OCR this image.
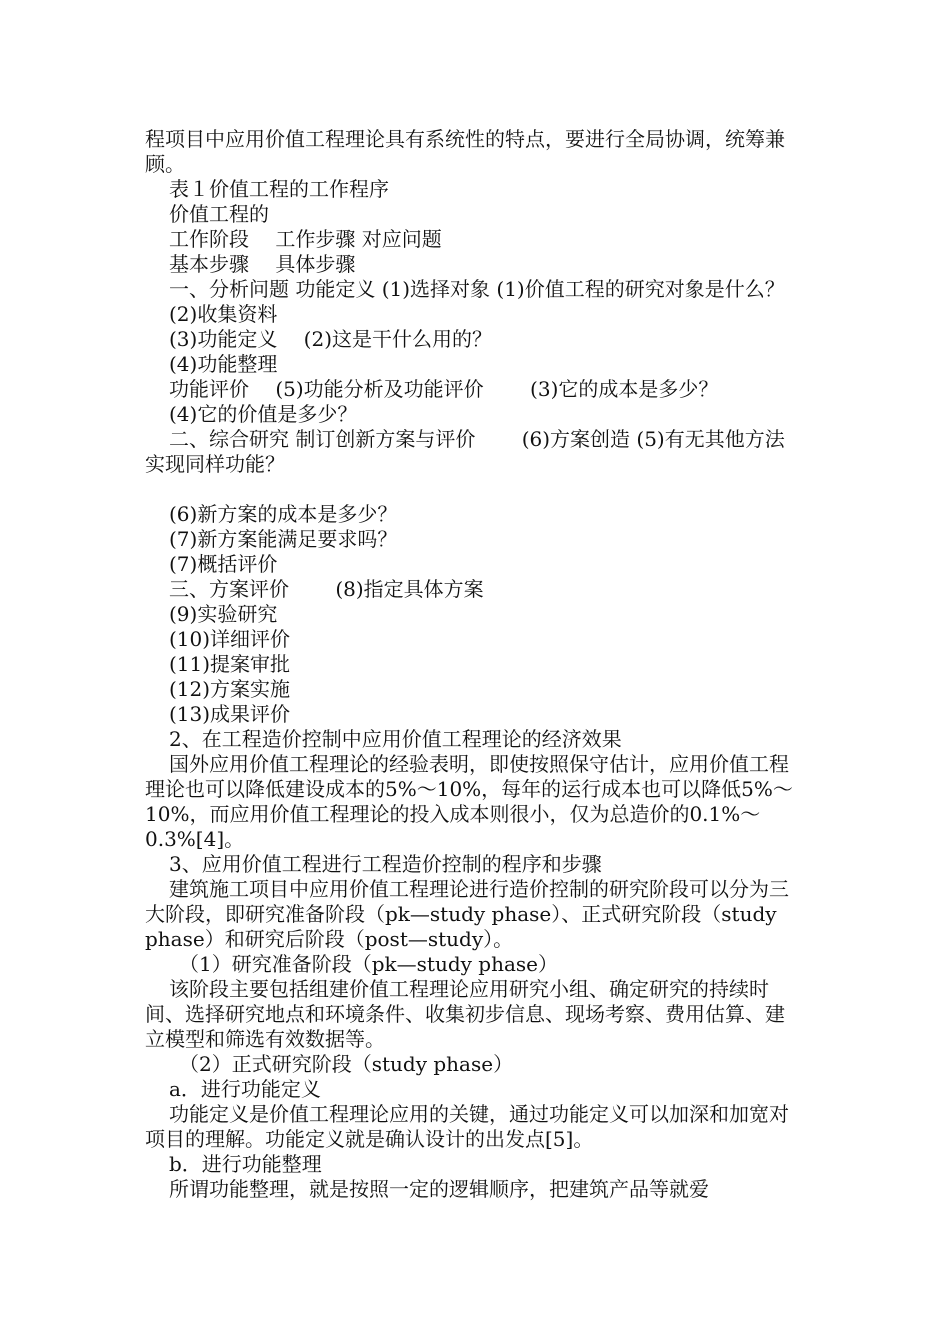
程项目中应用价值工程理论具有系统性的特点，要进行全局协调，统筹兼顾。

表１价值工程的工作程序

价值工程的

工作阶段　 工作步骤 对应问题

基本步骤　 具体步骤

一、分析问题 功能定义 (1)选择对象 (1)价值工程的研究对象是什么？

(2)收集资料

(3)功能定义　 (2)这是干什么用的？

(4)功能整理

功能评价　 (5)功能分析及功能评价　　 (3)它的成本是多少？

(4)它的价值是多少？

二、综合研究 制订创新方案与评价　　 (6)方案创造 (5)有无其他方法实现同样功能？

(6)新方案的成本是多少？

(7)新方案能满足要求吗？

(7)概括评价

三、方案评价　　 (8)指定具体方案

(9)实验研究

(10)详细评价

(11)提案审批

(12)方案实施

(13)成果评价

2、在工程造价控制中应用价值工程理论的经济效果

国外应用价值工程理论的经验表明，即使按照保守估计，应用价值工程理论也可以降低建设成本的5%～10%，每年的运行成本也可以降低5%～10%，而应用价值工程理论的投入成本则很小，仅为总造价的0.1%～0.3%[4]。

3、应用价值工程进行工程造价控制的程序和步骤

建筑施工项目中应用价值工程理论进行造价控制的研究阶段可以分为三大阶段，即研究准备阶段（pk—study phase）、正式研究阶段（study phase）和研究后阶段（post—study）。

　（1）研究准备阶段（pk—study phase）

该阶段主要包括组建价值工程理论应用研究小组、确定研究的持续时间、选择研究地点和环境条件、收集初步信息、现场考察、费用估算、建立模型和筛选有效数据等。

　（2）正式研究阶段（study phase）

a．进行功能定义

功能定义是价值工程理论应用的关键，通过功能定义可以加深和加宽对项目的理解。功能定义就是确认设计的出发点[5]。

b．进行功能整理

所谓功能整理，就是按照一定的逻辑顺序，把建筑产品等就爱
